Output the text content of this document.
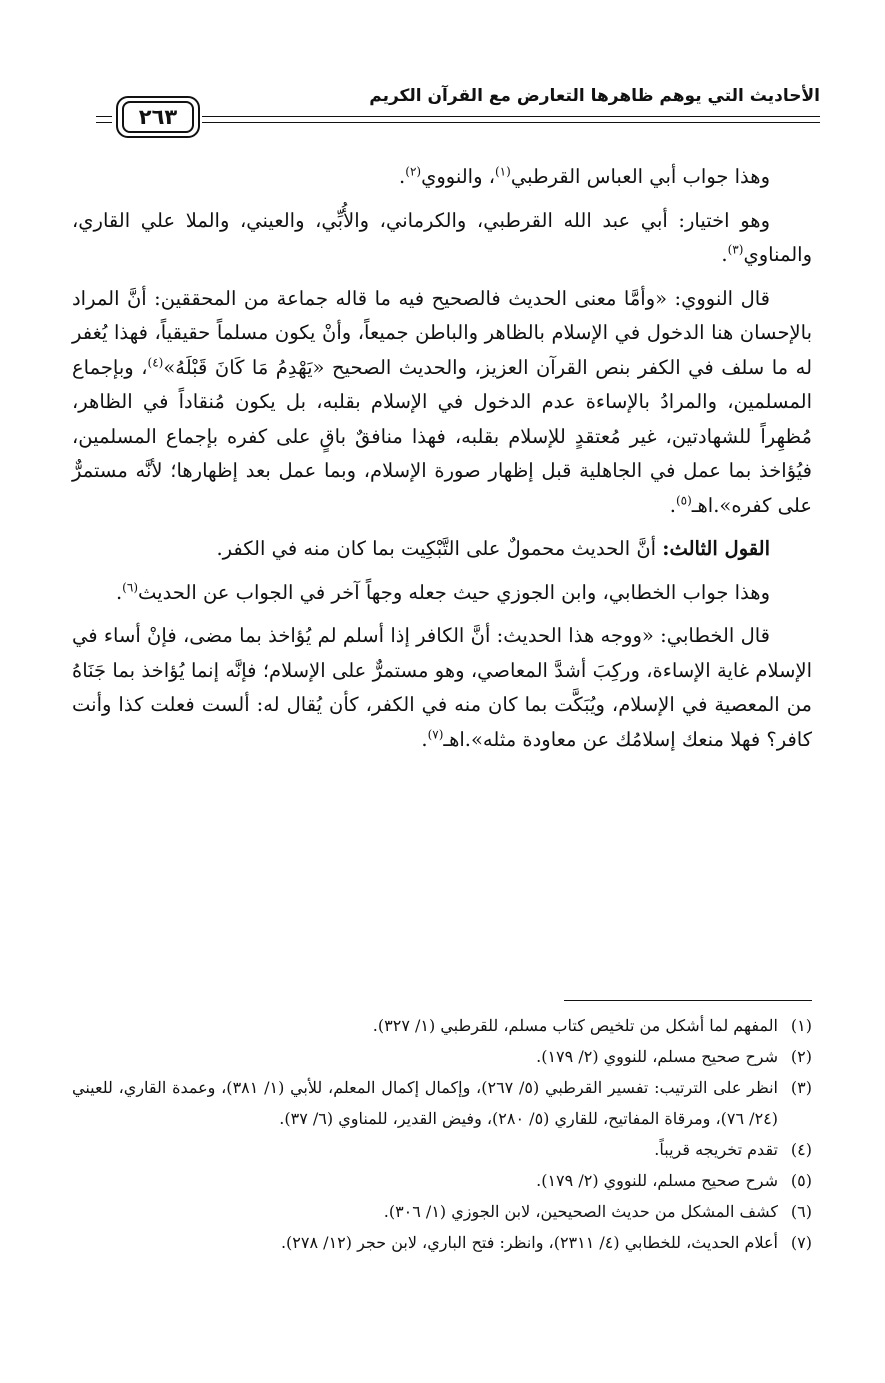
الأحاديث التي يوهم ظاهرها التعارض مع القرآن الكريم
٢٦٣

وهذا جواب أبي العباس القرطبي$^{(١)}$، والنووي$^{(٢)}$.

وهو اختيار: أبي عبد الله القرطبي، والكرماني، والأُبِّي، والعيني، والملا علي القاري، والمناوي$^{(٣)}$.

قال النووي: «وأمَّا معنى الحديث فالصحيح فيه ما قاله جماعة من المحققين: أنَّ المراد بالإحسان هنا الدخول في الإسلام بالظاهر والباطن جميعاً، وأنْ يكون مسلماً حقيقياً، فهذا يُغفر له ما سلف في الكفر بنص القرآن العزيز، والحديث الصحيح «يَهْدِمُ مَا كَانَ قَبْلَهُ»$^{(٤)}$، وبإجماع المسلمين، والمرادُ بالإساءة عدم الدخول في الإسلام بقلبه، بل يكون مُنقاداً في الظاهر، مُظهِراً للشهادتين، غير مُعتقدٍ للإسلام بقلبه، فهذا منافقٌ باقٍ على كفره بإجماع المسلمين، فيُؤاخذ بما عمل في الجاهلية قبل إظهار صورة الإسلام، وبما عمل بعد إظهارها؛ لأنَّه مستمرٌّ على كفره».اهـ$^{(٥)}$.

القول الثالث: أنَّ الحديث محمولٌ على التَّبْكِيت بما كان منه في الكفر.

وهذا جواب الخطابي، وابن الجوزي حيث جعله وجهاً آخر في الجواب عن الحديث$^{(٦)}$.

قال الخطابي: «ووجه هذا الحديث: أنَّ الكافر إذا أسلم لم يُؤاخذ بما مضى، فإنْ أساء في الإسلام غاية الإساءة، وركِبَ أشدَّ المعاصي، وهو مستمرٌّ على الإسلام؛ فإنَّه إنما يُؤاخذ بما جَنَاهُ من المعصية في الإسلام، ويُبَكَّت بما كان منه في الكفر، كأن يُقال له: ألست فعلت كذا وأنت كافر؟ فهلا منعك إسلامُك عن معاودة مثله».اهـ$^{(٧)}$.

(١)
المفهم لما أشكل من تلخيص كتاب مسلم، للقرطبي (١/ ٣٢٧).
(٢)
شرح صحيح مسلم، للنووي (٢/ ١٧٩).
(٣)
انظر على الترتيب: تفسير القرطبي (٥/ ٢٦٧)، وإكمال إكمال المعلم، للأبي (١/ ٣٨١)، وعمدة القاري، للعيني (٢٤/ ٧٦)، ومرقاة المفاتيح، للقاري (٥/ ٢٨٠)، وفيض القدير، للمناوي (٦/ ٣٧).
(٤)
تقدم تخريجه قريباً.
(٥)
شرح صحيح مسلم، للنووي (٢/ ١٧٩).
(٦)
كشف المشكل من حديث الصحيحين، لابن الجوزي (١/ ٣٠٦).
(٧)
أعلام الحديث، للخطابي (٤/ ٢٣١١)، وانظر: فتح الباري، لابن حجر (١٢/ ٢٧٨).
